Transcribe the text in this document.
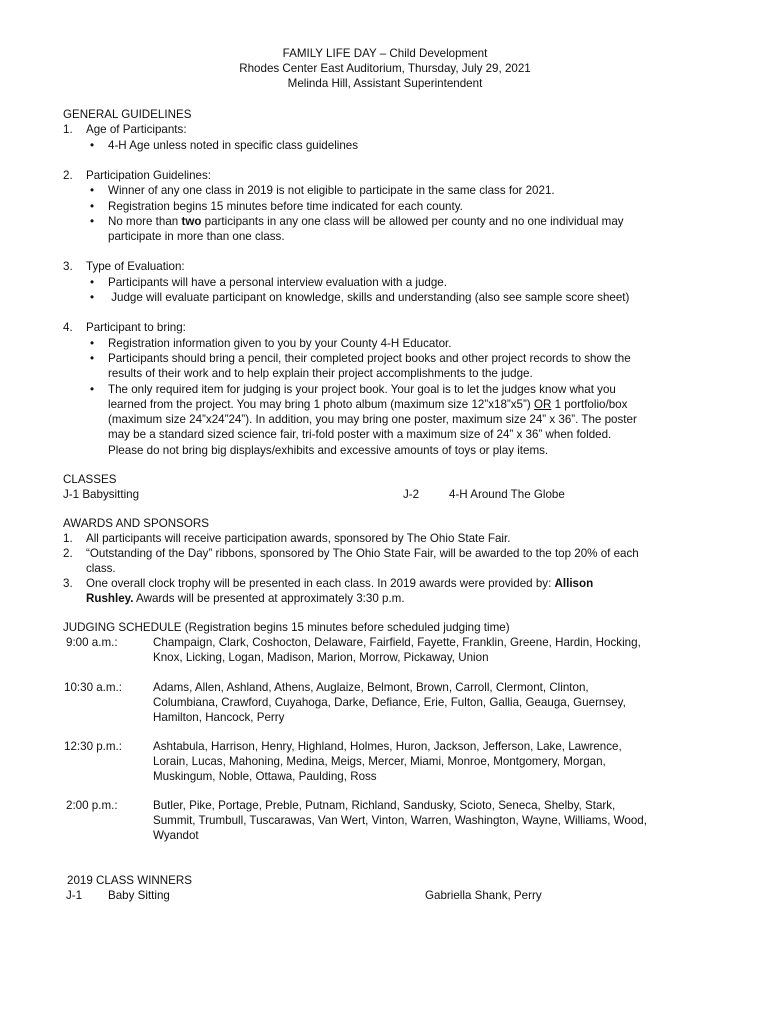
FAMILY LIFE DAY – Child Development
Rhodes Center East Auditorium, Thursday, July 29, 2021
Melinda Hill, Assistant Superintendent
GENERAL GUIDELINES
1. Age of Participants:
• 4-H Age unless noted in specific class guidelines
2. Participation Guidelines:
• Winner of any one class in 2019 is not eligible to participate in the same class for 2021.
• Registration begins 15 minutes before time indicated for each county.
• No more than two participants in any one class will be allowed per county and no one individual may
participate in more than one class.
3. Type of Evaluation:
• Participants will have a personal interview evaluation with a judge.
• Judge will evaluate participant on knowledge, skills and understanding (also see sample score sheet)
4. Participant to bring:
• Registration information given to you by your County 4-H Educator.
• Participants should bring a pencil, their completed project books and other project records to show the
results of their work and to help explain their project accomplishments to the judge.
• The only required item for judging is your project book. Your goal is to let the judges know what you
learned from the project. You may bring 1 photo album (maximum size 12”x18”x5”) OR 1 portfolio/box
(maximum size 24”x24”24”). In addition, you may bring one poster, maximum size 24” x 36”. The poster
may be a standard sized science fair, tri-fold poster with a maximum size of 24” x 36” when folded.
Please do not bring big displays/exhibits and excessive amounts of toys or play items.
CLASSES
J-1 Babysitting	J-2	4-H Around The Globe
AWARDS AND SPONSORS
1. All participants will receive participation awards, sponsored by The Ohio State Fair.
2. “Outstanding of the Day” ribbons, sponsored by The Ohio State Fair, will be awarded to the top 20% of each
class.
3. One overall clock trophy will be presented in each class. In 2019 awards were provided by: Allison
Rushley. Awards will be presented at approximately 3:30 p.m.
JUDGING SCHEDULE (Registration begins 15 minutes before scheduled judging time)
9:00 a.m.:	Champaign, Clark, Coshocton, Delaware, Fairfield, Fayette, Franklin, Greene, Hardin, Hocking,
Knox, Licking, Logan, Madison, Marion, Morrow, Pickaway, Union
10:30 a.m.:	Adams, Allen, Ashland, Athens, Auglaize, Belmont, Brown, Carroll, Clermont, Clinton,
Columbiana, Crawford, Cuyahoga, Darke, Defiance, Erie, Fulton, Gallia, Geauga, Guernsey,
Hamilton, Hancock, Perry
12:30 p.m.:	Ashtabula, Harrison, Henry, Highland, Holmes, Huron, Jackson, Jefferson, Lake, Lawrence,
Lorain, Lucas, Mahoning, Medina, Meigs, Mercer, Miami, Monroe, Montgomery, Morgan,
Muskingum, Noble, Ottawa, Paulding, Ross
2:00 p.m.:	Butler, Pike, Portage, Preble, Putnam, Richland, Sandusky, Scioto, Seneca, Shelby, Stark,
Summit, Trumbull, Tuscarawas, Van Wert, Vinton, Warren, Washington, Wayne, Williams, Wood,
Wyandot
2019 CLASS WINNERS
J-1 Baby Sitting	Gabriella Shank, Perry
